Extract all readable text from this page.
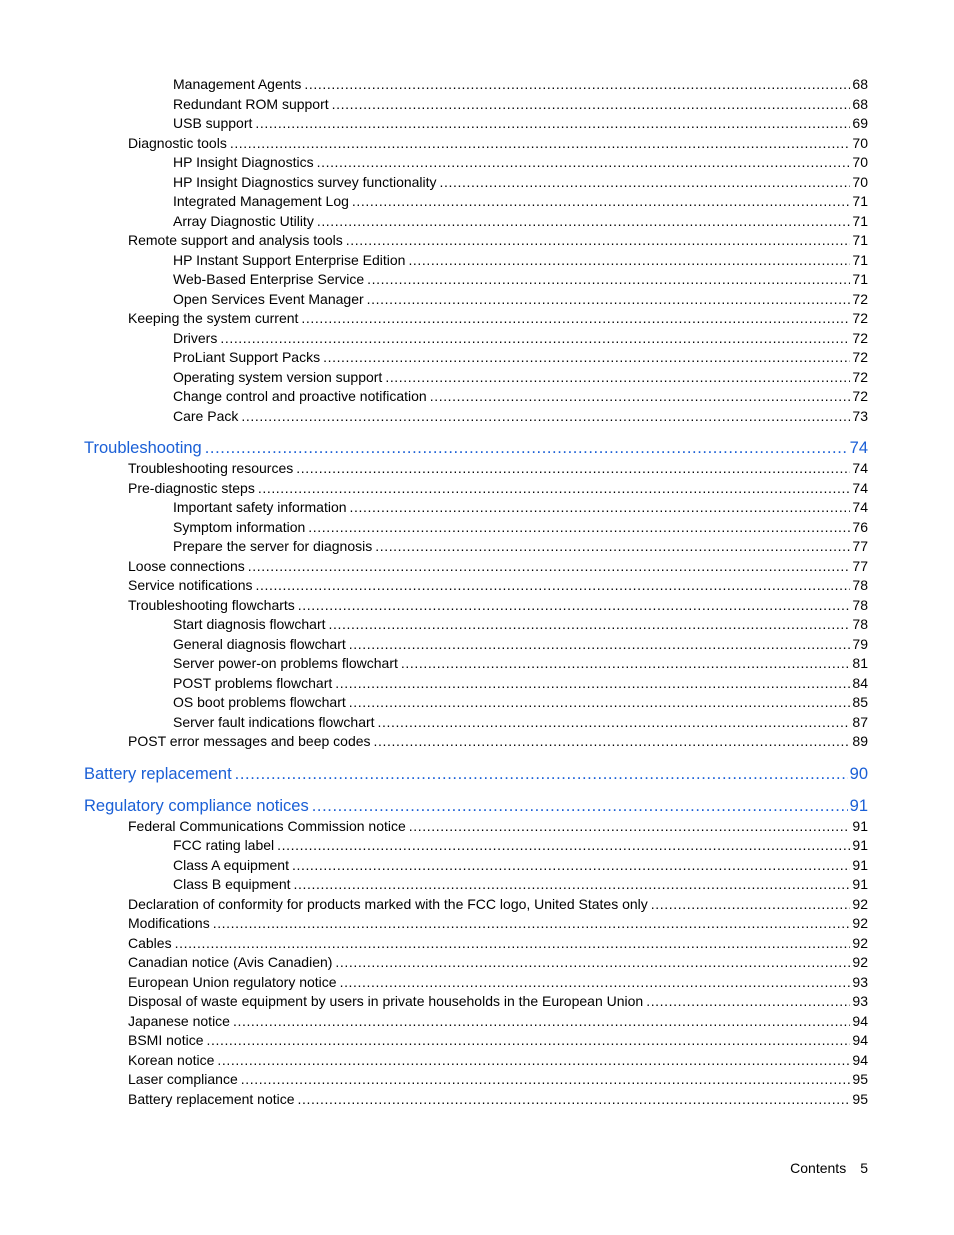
Management Agents .....	68
Redundant ROM support .....	68
USB support .....	69
Diagnostic tools .....	70
HP Insight Diagnostics .....	70
HP Insight Diagnostics survey functionality .....	70
Integrated Management Log .....	71
Array Diagnostic Utility .....	71
Remote support and analysis tools .....	71
HP Instant Support Enterprise Edition .....	71
Web-Based Enterprise Service .....	71
Open Services Event Manager .....	72
Keeping the system current .....	72
Drivers .....	72
ProLiant Support Packs .....	72
Operating system version support .....	72
Change control and proactive notification .....	72
Care Pack .....	73
Troubleshooting .....	74
Troubleshooting resources .....	74
Pre-diagnostic steps .....	74
Important safety information .....	74
Symptom information .....	76
Prepare the server for diagnosis .....	77
Loose connections .....	77
Service notifications .....	78
Troubleshooting flowcharts .....	78
Start diagnosis flowchart .....	78
General diagnosis flowchart .....	79
Server power-on problems flowchart .....	81
POST problems flowchart .....	84
OS boot problems flowchart .....	85
Server fault indications flowchart .....	87
POST error messages and beep codes .....	89
Battery replacement .....	90
Regulatory compliance notices .....	91
Federal Communications Commission notice .....	91
FCC rating label .....	91
Class A equipment .....	91
Class B equipment .....	91
Declaration of conformity for products marked with the FCC logo, United States only .....	92
Modifications .....	92
Cables .....	92
Canadian notice (Avis Canadien) .....	92
European Union regulatory notice .....	93
Disposal of waste equipment by users in private households in the European Union .....	93
Japanese notice .....	94
BSMI notice .....	94
Korean notice .....	94
Laser compliance .....	95
Battery replacement notice .....	95
Contents 5
